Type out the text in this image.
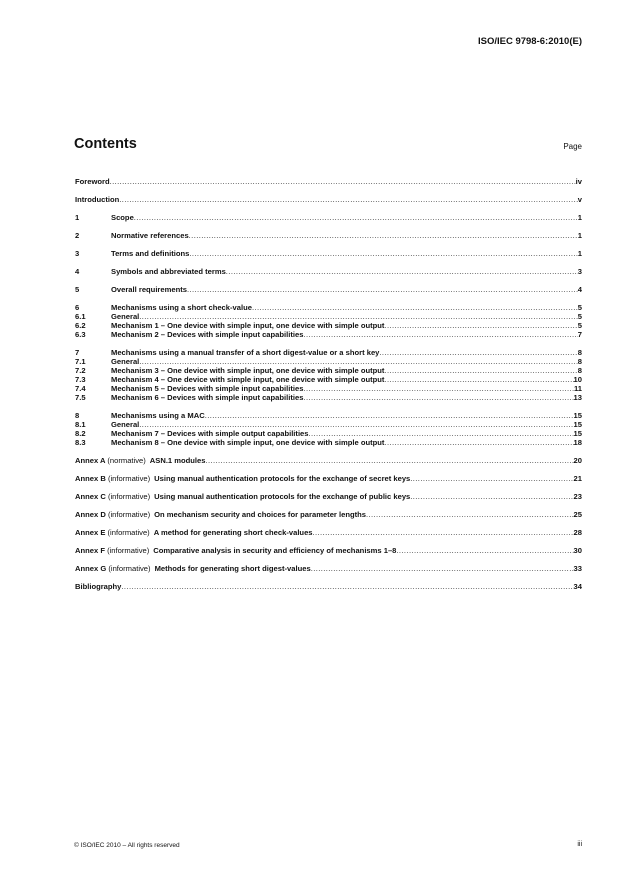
ISO/IEC 9798-6:2010(E)
Contents	Page
Foreword .....	iv
Introduction .....	v
1	Scope .....	1
2	Normative references .....	1
3	Terms and definitions .....	1
4	Symbols and abbreviated terms .....	3
5	Overall requirements .....	4
6	Mechanisms using a short check-value .....	5
6.1	General .....	5
6.2	Mechanism 1 – One device with simple input, one device with simple output .....	5
6.3	Mechanism 2 – Devices with simple input capabilities .....	7
7	Mechanisms using a manual transfer of a short digest-value or a short key .....	8
7.1	General .....	8
7.2	Mechanism 3 – One device with simple input, one device with simple output .....	8
7.3	Mechanism 4 – One device with simple input, one device with simple output .....	10
7.4	Mechanism 5 – Devices with simple input capabilities .....	11
7.5	Mechanism 6 – Devices with simple input capabilities .....	13
8	Mechanisms using a MAC .....	15
8.1	General .....	15
8.2	Mechanism 7 – Devices with simple output capabilities .....	15
8.3	Mechanism 8 – One device with simple input, one device with simple output .....	18
Annex A (normative) ASN.1 modules .....	20
Annex B (informative) Using manual authentication protocols for the exchange of secret keys .....	21
Annex C (informative) Using manual authentication protocols for the exchange of public keys .....	23
Annex D (informative) On mechanism security and choices for parameter lengths .....	25
Annex E (informative) A method for generating short check-values .....	28
Annex F (informative) Comparative analysis in security and efficiency of mechanisms 1–8 .....	30
Annex G (informative) Methods for generating short digest-values .....	33
Bibliography .....	34
© ISO/IEC 2010 – All rights reserved	iii
